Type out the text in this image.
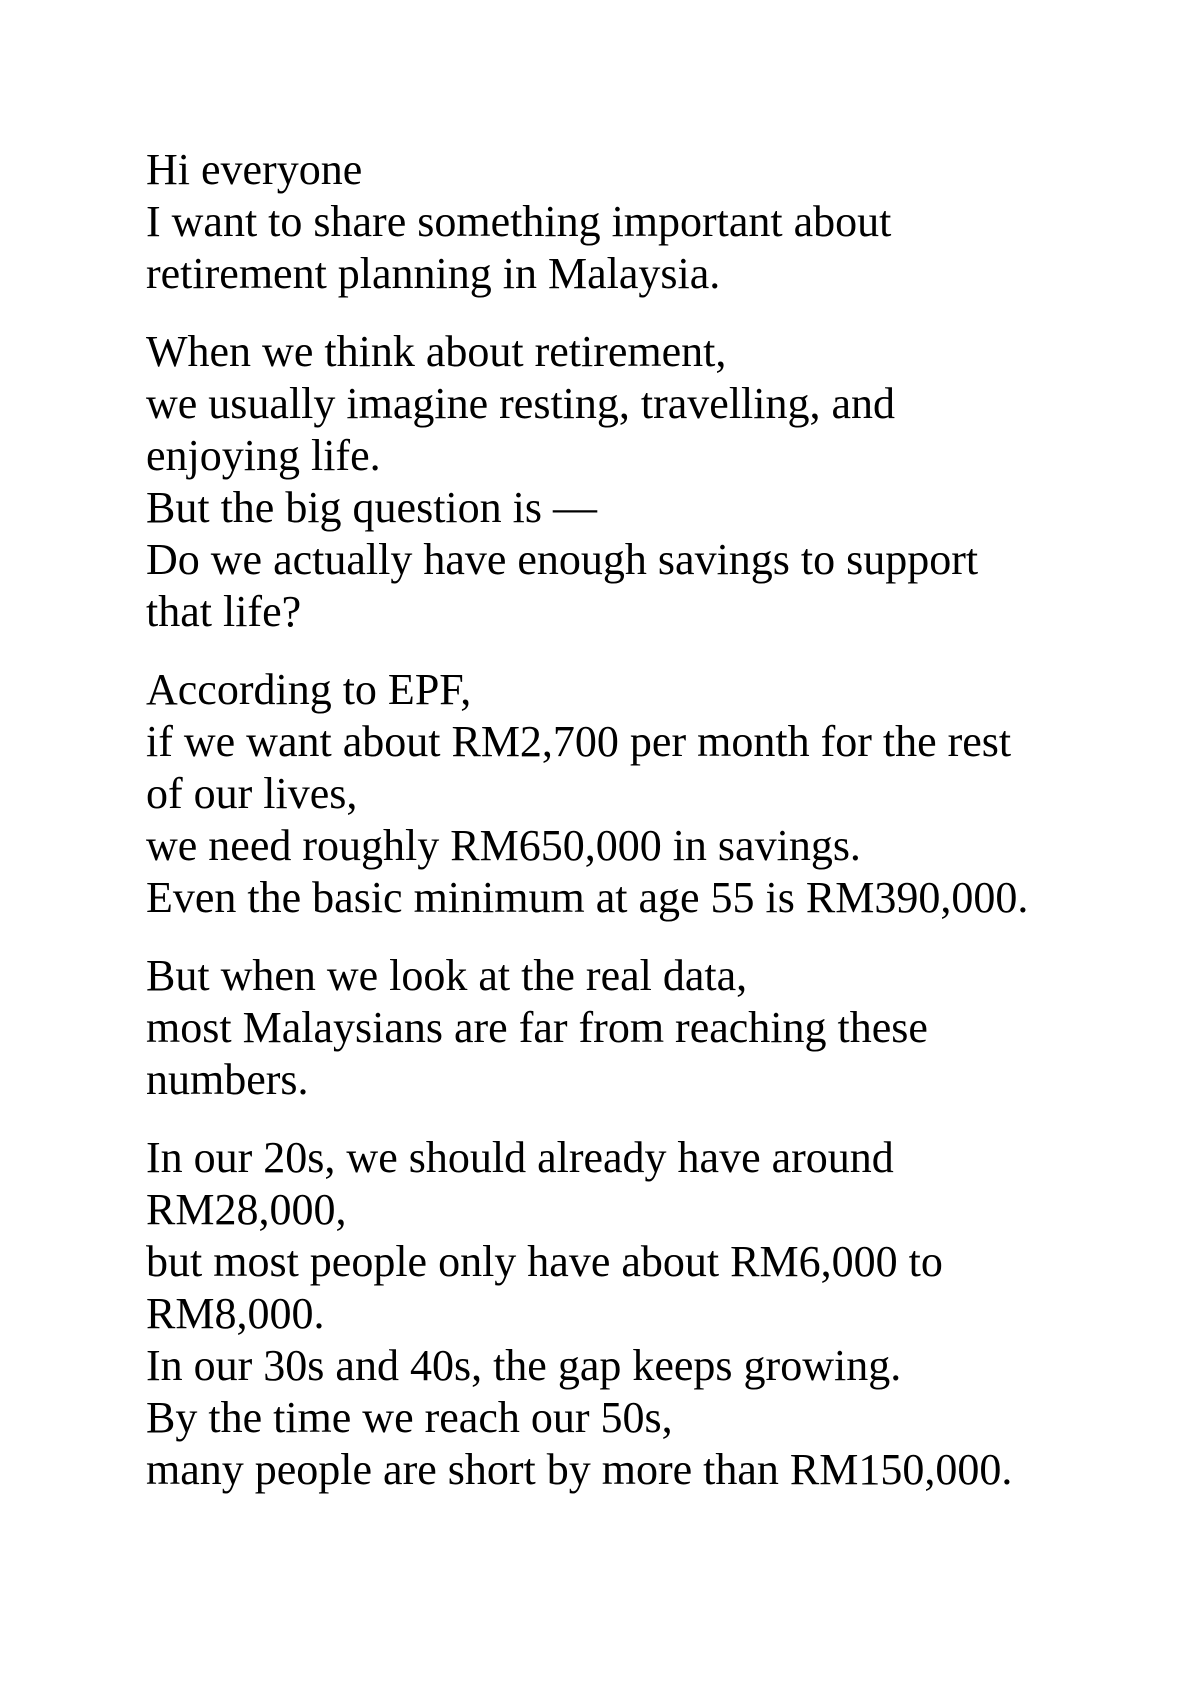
Hi everyone
I want to share something important about
retirement planning in Malaysia.

When we think about retirement,
we usually imagine resting, travelling, and
enjoying life.
But the big question is —
Do we actually have enough savings to support
that life?

According to EPF,
if we want about RM2,700 per month for the rest
of our lives,
we need roughly RM650,000 in savings.
Even the basic minimum at age 55 is RM390,000.

But when we look at the real data,
most Malaysians are far from reaching these
numbers.

In our 20s, we should already have around
RM28,000,
but most people only have about RM6,000 to
RM8,000.
In our 30s and 40s, the gap keeps growing.
By the time we reach our 50s,
many people are short by more than RM150,000.
